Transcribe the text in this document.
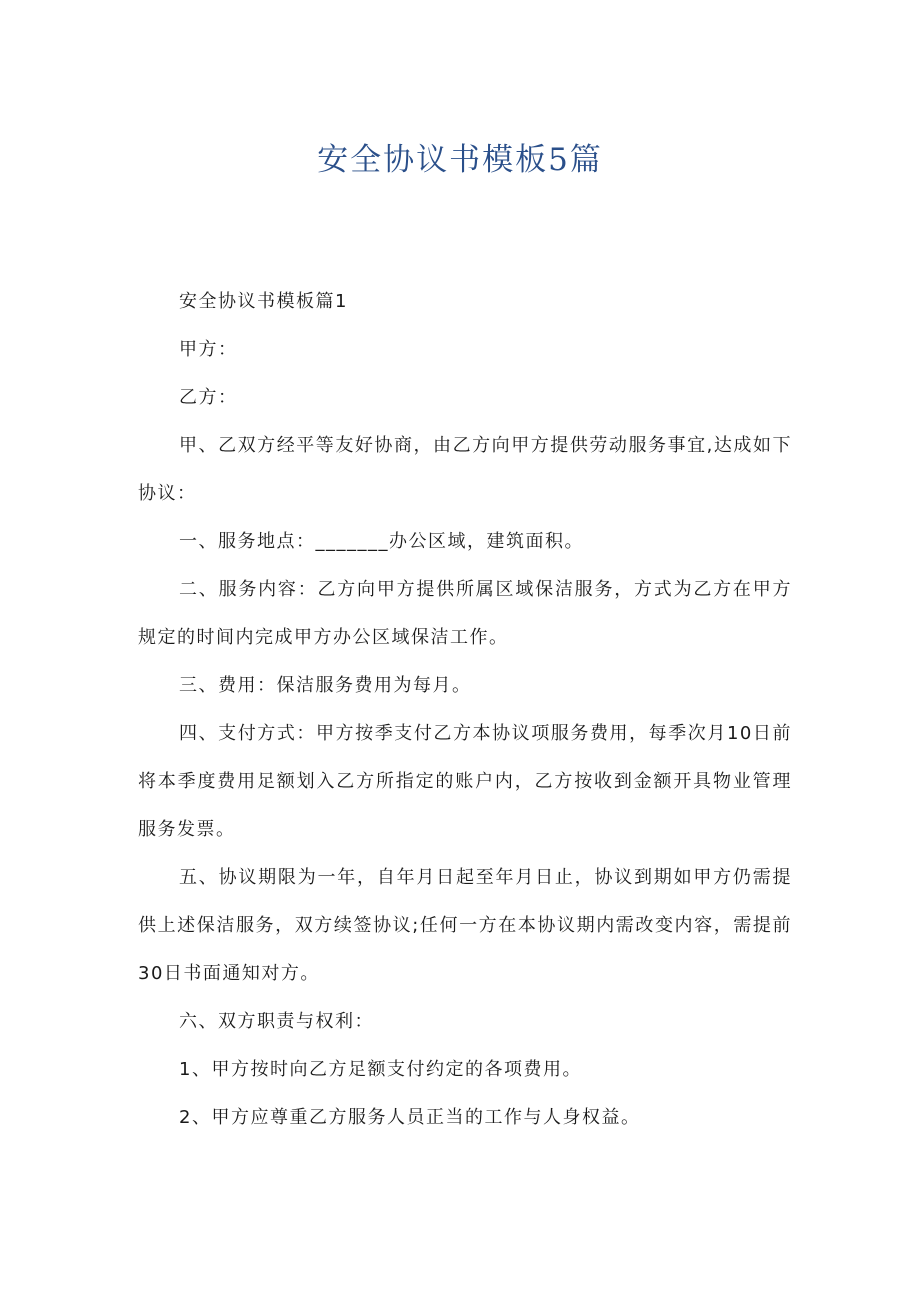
安全协议书模板5篇

安全协议书模板篇1

甲方：

乙方：

甲、乙双方经平等友好协商，由乙方向甲方提供劳动服务事宜,达成如下协议：

一、服务地点：_______办公区域，建筑面积。

二、服务内容：乙方向甲方提供所属区域保洁服务，方式为乙方在甲方规定的时间内完成甲方办公区域保洁工作。

三、费用：保洁服务费用为每月。

四、支付方式：甲方按季支付乙方本协议项服务费用，每季次月10日前将本季度费用足额划入乙方所指定的账户内，乙方按收到金额开具物业管理服务发票。

五、协议期限为一年，自年月日起至年月日止，协议到期如甲方仍需提供上述保洁服务，双方续签协议;任何一方在本协议期内需改变内容，需提前30日书面通知对方。

六、双方职责与权利：

1、甲方按时向乙方足额支付约定的各项费用。

2、甲方应尊重乙方服务人员正当的工作与人身权益。
